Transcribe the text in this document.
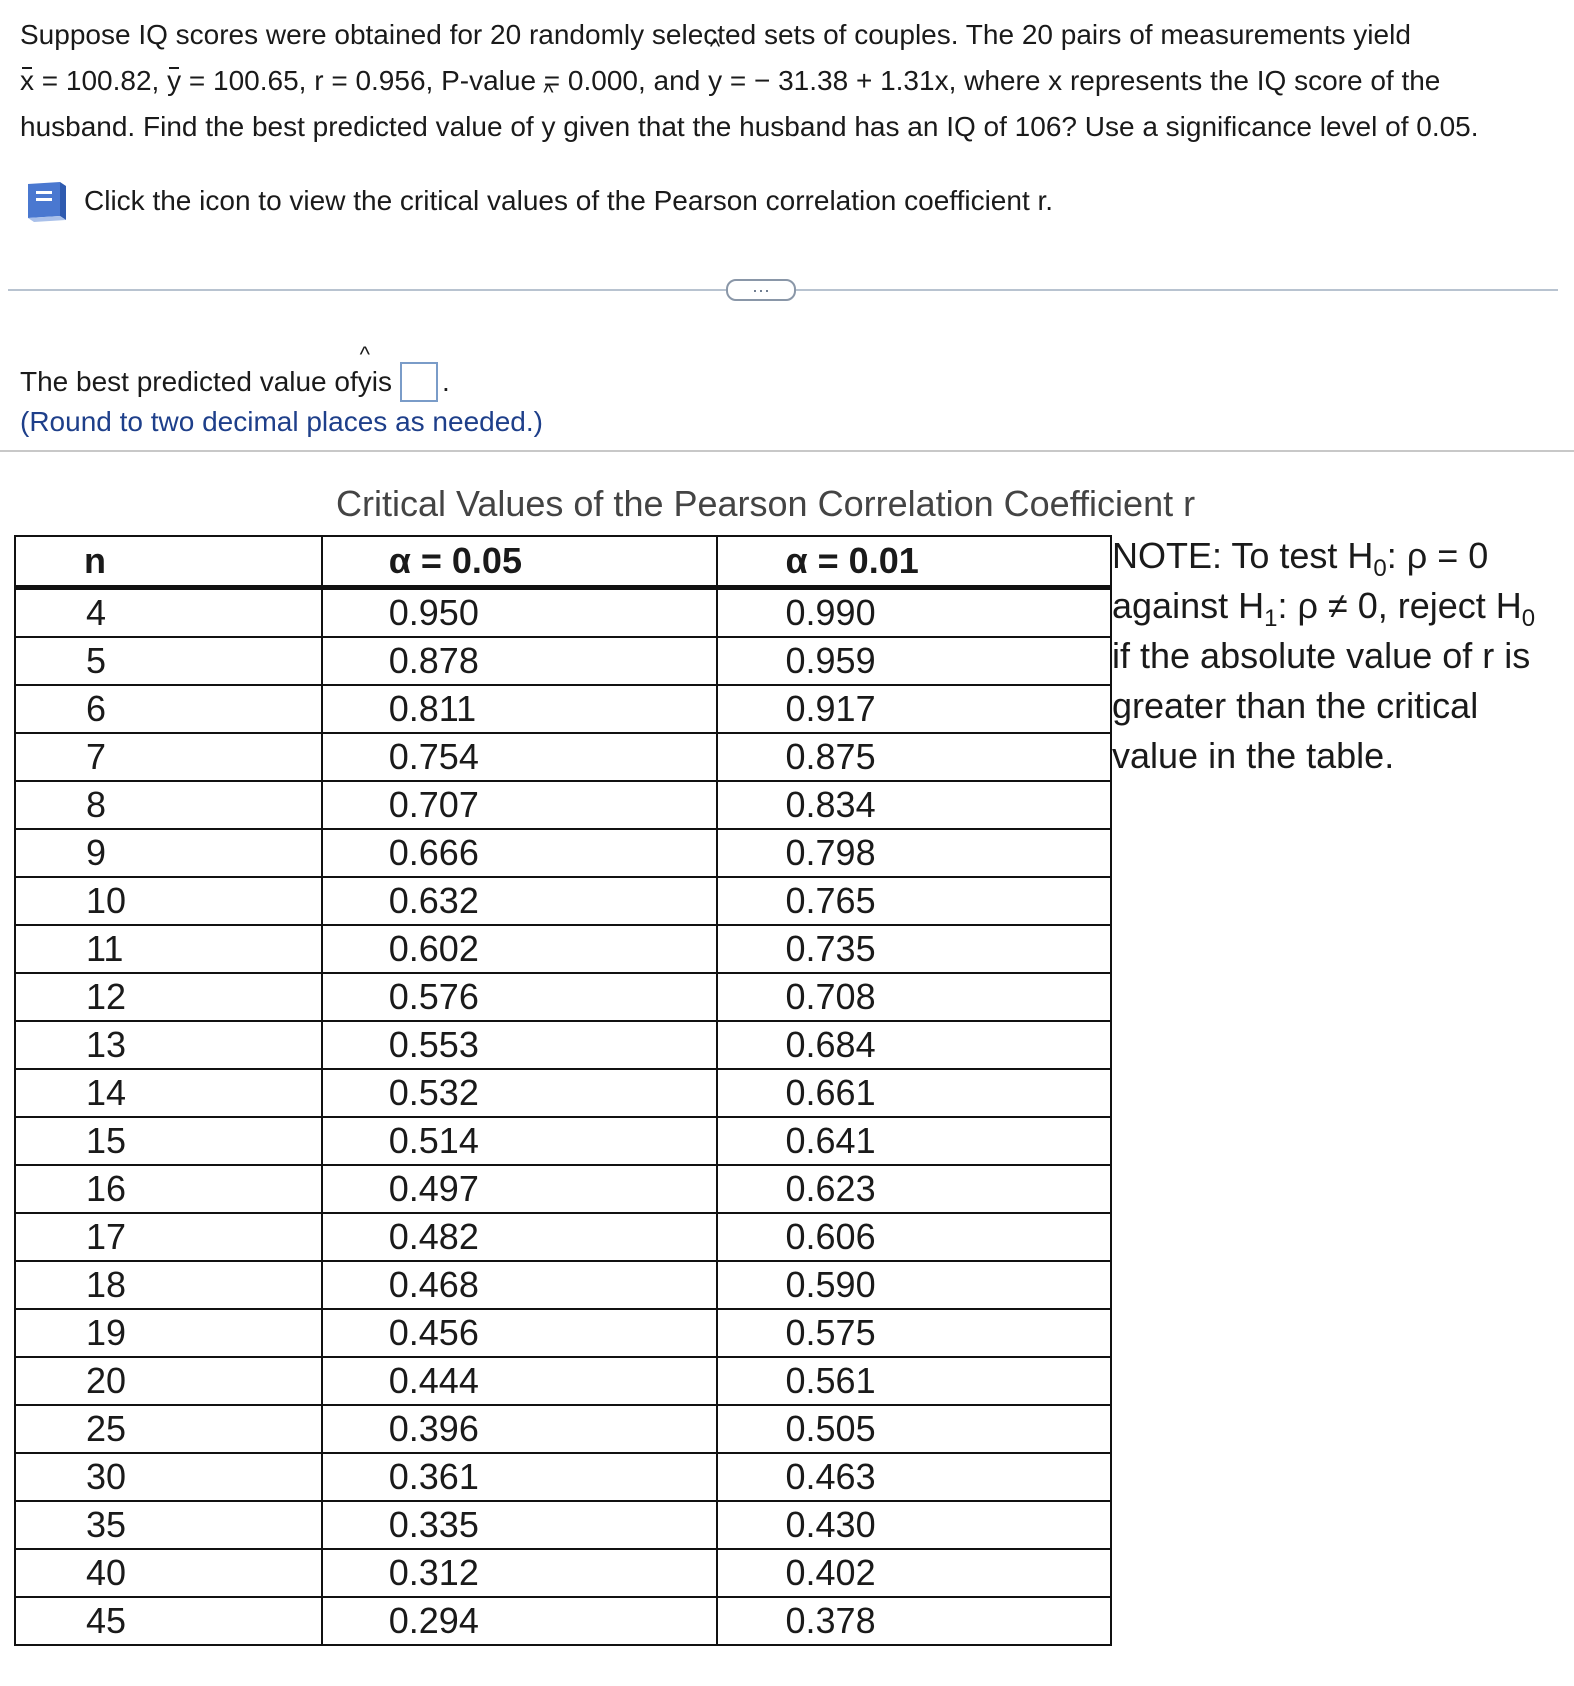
Suppose IQ scores were obtained for 20 randomly selected sets of couples. The 20 pairs of measurements yield
x = 100.82, y = 100.65, r = 0.956, P-value = 0.000, and ^ y = − 31.38 + 1.31x, where x represents the IQ score of the
husband. Find the best predicted value of ^ y given that the husband has an IQ of 106? Use a significance level of 0.05.
Click the icon to view the critical values of the Pearson correlation coefficient r.
···
The best predicted value of ^ y is .
(Round to two decimal places as needed.)
Critical Values of the Pearson Correlation Coefficient r
n	α = 0.05	α = 0.01
4	0.950	0.990
5	0.878	0.959
6	0.811	0.917
7	0.754	0.875
8	0.707	0.834
9	0.666	0.798
10	0.632	0.765
11	0.602	0.735
12	0.576	0.708
13	0.553	0.684
14	0.532	0.661
15	0.514	0.641
16	0.497	0.623
17	0.482	0.606
18	0.468	0.590
19	0.456	0.575
20	0.444	0.561
25	0.396	0.505
30	0.361	0.463
35	0.335	0.430
40	0.312	0.402
45	0.294	0.378
NOTE: To test $H_0$: ρ = 0
against $H_1$: ρ ≠ 0, reject $H_0$
if the absolute value of r is
greater than the critical
value in the table.
